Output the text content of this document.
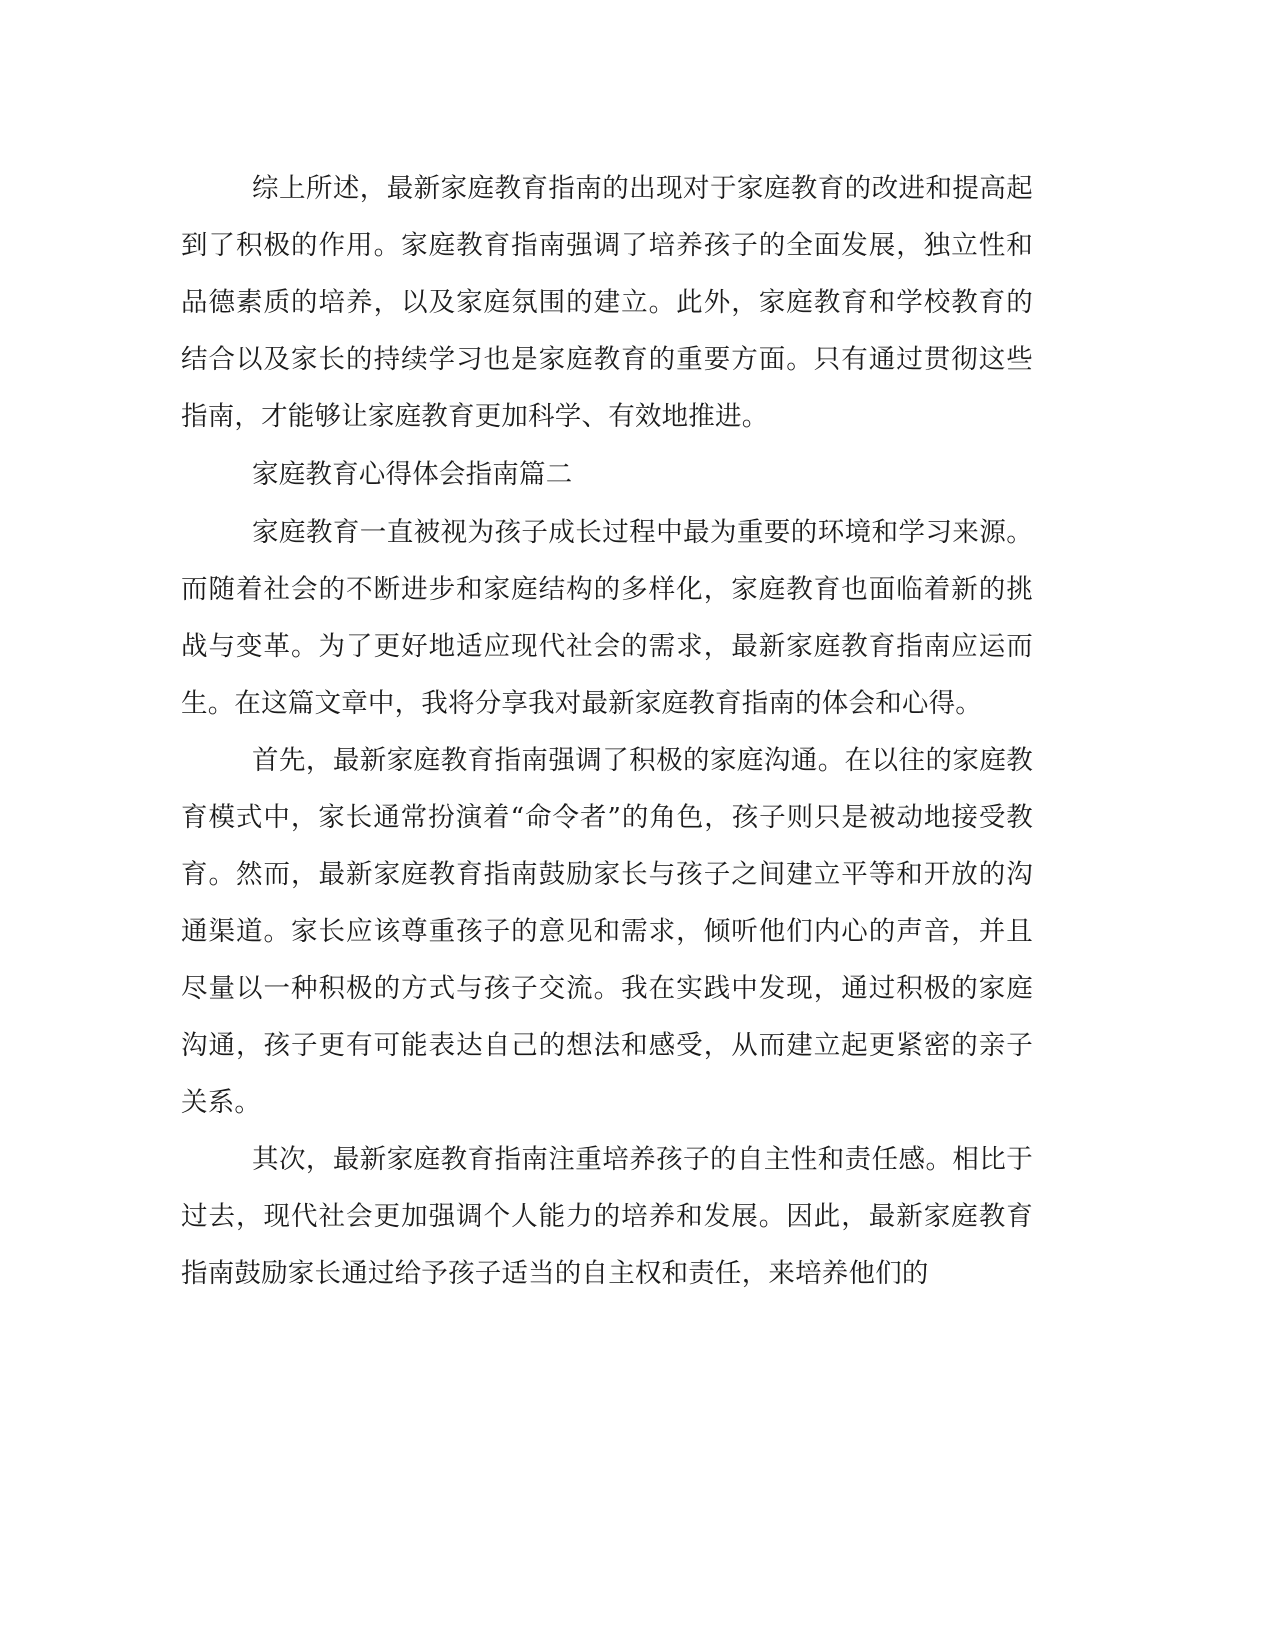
综上所述，最新家庭教育指南的出现对于家庭教育的改进和提高起到了积极的作用。家庭教育指南强调了培养孩子的全面发展，独立性和品德素质的培养，以及家庭氛围的建立。此外，家庭教育和学校教育的结合以及家长的持续学习也是家庭教育的重要方面。只有通过贯彻这些指南，才能够让家庭教育更加科学、有效地推进。

家庭教育心得体会指南篇二

家庭教育一直被视为孩子成长过程中最为重要的环境和学习来源。而随着社会的不断进步和家庭结构的多样化，家庭教育也面临着新的挑战与变革。为了更好地适应现代社会的需求，最新家庭教育指南应运而生。在这篇文章中，我将分享我对最新家庭教育指南的体会和心得。

首先，最新家庭教育指南强调了积极的家庭沟通。在以往的家庭教育模式中，家长通常扮演着“命令者”的角色，孩子则只是被动地接受教育。然而，最新家庭教育指南鼓励家长与孩子之间建立平等和开放的沟通渠道。家长应该尊重孩子的意见和需求，倾听他们内心的声音，并且尽量以一种积极的方式与孩子交流。我在实践中发现，通过积极的家庭沟通，孩子更有可能表达自己的想法和感受，从而建立起更紧密的亲子关系。

其次，最新家庭教育指南注重培养孩子的自主性和责任感。相比于过去，现代社会更加强调个人能力的培养和发展。因此，最新家庭教育指南鼓励家长通过给予孩子适当的自主权和责任，来培养他们的
